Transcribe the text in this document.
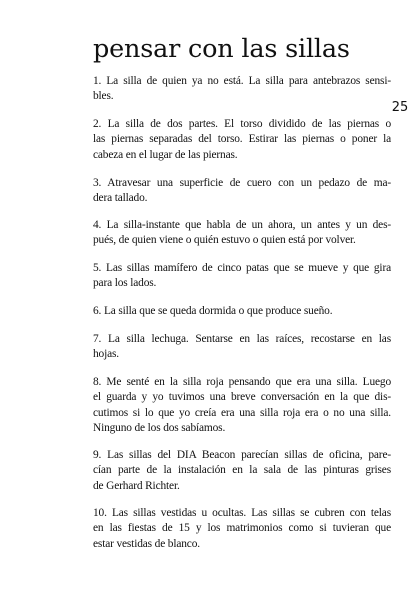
pensar con las sillas
25

1. La silla de quien ya no está. La silla para antebrazos sensi-
bles.

2. La silla de dos partes. El torso dividido de las piernas o
las piernas separadas del torso. Estirar las piernas o poner la
cabeza en el lugar de las piernas.

3. Atravesar una superficie de cuero con un pedazo de ma-
dera tallado.

4. La silla-instante que habla de un ahora, un antes y un des-
pués, de quien viene o quién estuvo o quien está por volver.

5. Las sillas mamífero de cinco patas que se mueve y que gira
para los lados.

6. La silla que se queda dormida o que produce sueño.

7. La silla lechuga. Sentarse en las raíces, recostarse en las
hojas.

8. Me senté en la silla roja pensando que era una silla. Luego
el guarda y yo tuvimos una breve conversación en la que dis-
cutimos si lo que yo creía era una silla roja era o no una silla.
Ninguno de los dos sabíamos.

9. Las sillas del DIA Beacon parecían sillas de oficina, pare-
cían parte de la instalación en la sala de las pinturas grises
de Gerhard Richter.

10. Las sillas vestidas u ocultas. Las sillas se cubren con telas
en las fiestas de 15 y los matrimonios como si tuvieran que
estar vestidas de blanco.
